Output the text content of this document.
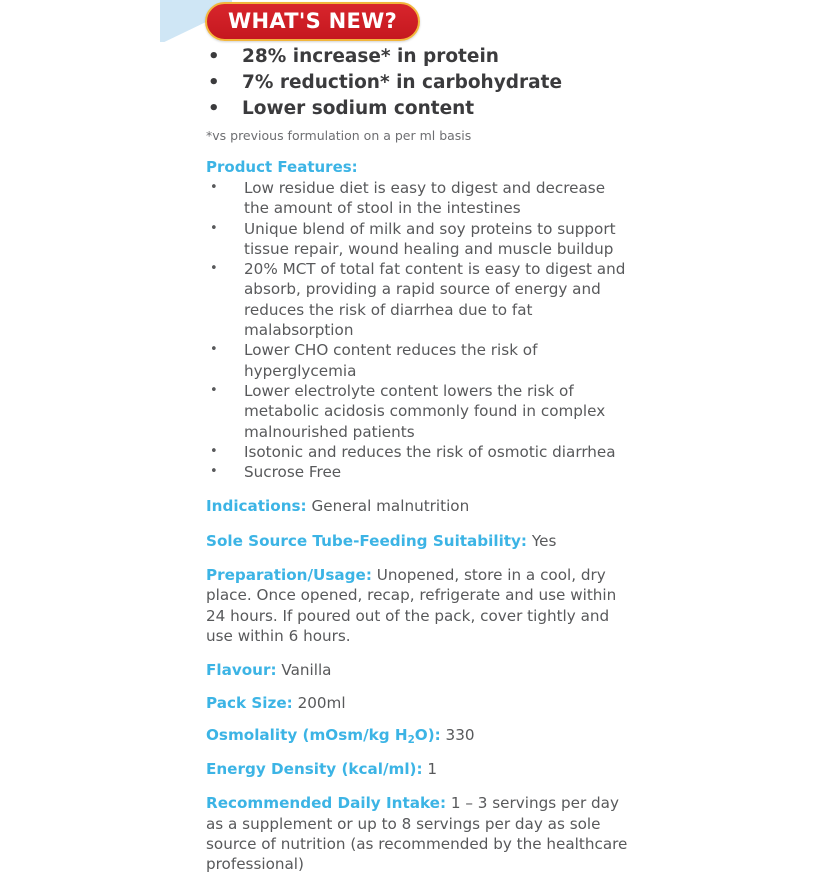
WHAT'S NEW?
• 28% increase* in protein
• 7% reduction* in carbohydrate
• Lower sodium content

*vs previous formulation on a per ml basis

Product Features:
• Low residue diet is easy to digest and decrease the amount of stool in the intestines
• Unique blend of milk and soy proteins to support tissue repair, wound healing and muscle buildup
• 20% MCT of total fat content is easy to digest and absorb, providing a rapid source of energy and reduces the risk of diarrhea due to fat malabsorption
• Lower CHO content reduces the risk of hyperglycemia
• Lower electrolyte content lowers the risk of metabolic acidosis commonly found in complex malnourished patients
• Isotonic and reduces the risk of osmotic diarrhea
• Sucrose Free
Indications: General malnutrition
Sole Source Tube-Feeding Suitability: Yes
Preparation/Usage: Unopened, store in a cool, dry place. Once opened, recap, refrigerate and use within 24 hours. If poured out of the pack, cover tightly and use within 6 hours.
Flavour: Vanilla
Pack Size: 200ml
Osmolality (mOsm/kg $H_2O$): 330
Energy Density (kcal/ml): 1
Recommended Daily Intake: 1 – 3 servings per day as a supplement or up to 8 servings per day as sole source of nutrition (as recommended by the healthcare professional)
